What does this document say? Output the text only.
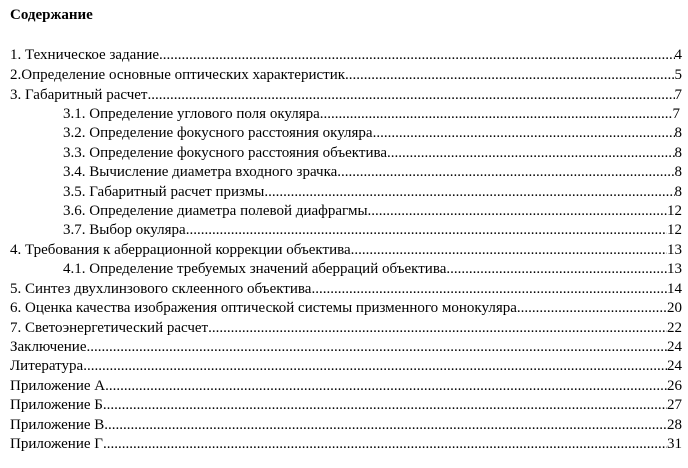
Содержание
1. Техническое задание .....	4
2.Определение основные оптических характеристик .....	5
3. Габаритный расчет .....	7
3.1. Определение углового поля окуляра .....	7
3.2. Определение фокусного расстояния окуляра .....	8
3.3. Определение фокусного расстояния объектива .....	8
3.4. Вычисление диаметра входного зрачка .....	8
3.5. Габаритный расчет призмы .....	8
3.6. Определение диаметра полевой диафрагмы .....	12
3.7. Выбор окуляра .....	12
4. Требования к аберрационной коррекции объектива .....	13
4.1. Определение требуемых значений аберраций объектива .....	13
5. Синтез двухлинзового склеенного объектива .....	14
6. Оценка качества изображения оптической системы призменного монокуляра .....	20
7. Светоэнергетический расчет .....	22
Заключение .....	24
Литература .....	24
Приложение А .....	26
Приложение Б .....	27
Приложение В .....	28
Приложение Г .....	31
